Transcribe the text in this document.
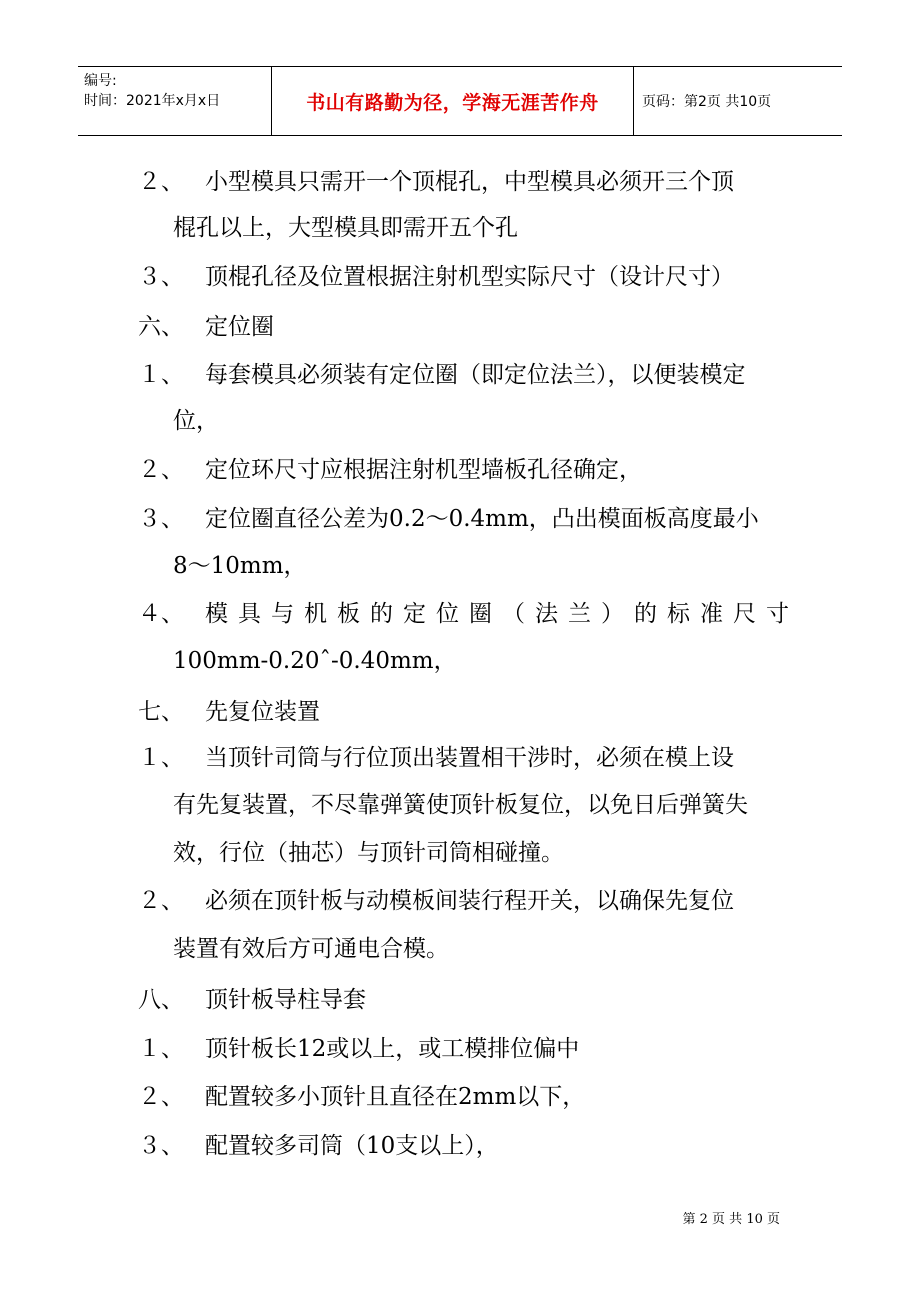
编号:
时间：2021年x月x日	书山有路勤为径，学海无涯苦作舟	页码：第2页 共10页
２、 小型模具只需开一个顶棍孔，中型模具必须开三个顶
棍孔以上，大型模具即需开五个孔
３、 顶棍孔径及位置根据注射机型实际尺寸（设计尺寸）
六、 定位圈
１、 每套模具必须装有定位圈（即定位法兰），以便装模定
位，
２、 定位环尺寸应根据注射机型墙板孔径确定，
３、 定位圈直径公差为0.2～0.4mm，凸出模面板高度最小
8～10mm，
４、 模具与机板的定位圈（法兰）的标准尺寸
100mm-0.20ˆ-0.40mm，
七、 先复位装置
１、 当顶针司筒与行位顶出装置相干涉时，必须在模上设
有先复装置，不尽靠弹簧使顶针板复位，以免日后弹簧失
效，行位（抽芯）与顶针司筒相碰撞。
２、 必须在顶针板与动模板间装行程开关，以确保先复位
装置有效后方可通电合模。
八、 顶针板导柱导套
１、 顶针板长12或以上，或工模排位偏中
２、 配置较多小顶针且直径在2mm以下，
３、 配置较多司筒（10支以上），
第 2 页 共 10 页
